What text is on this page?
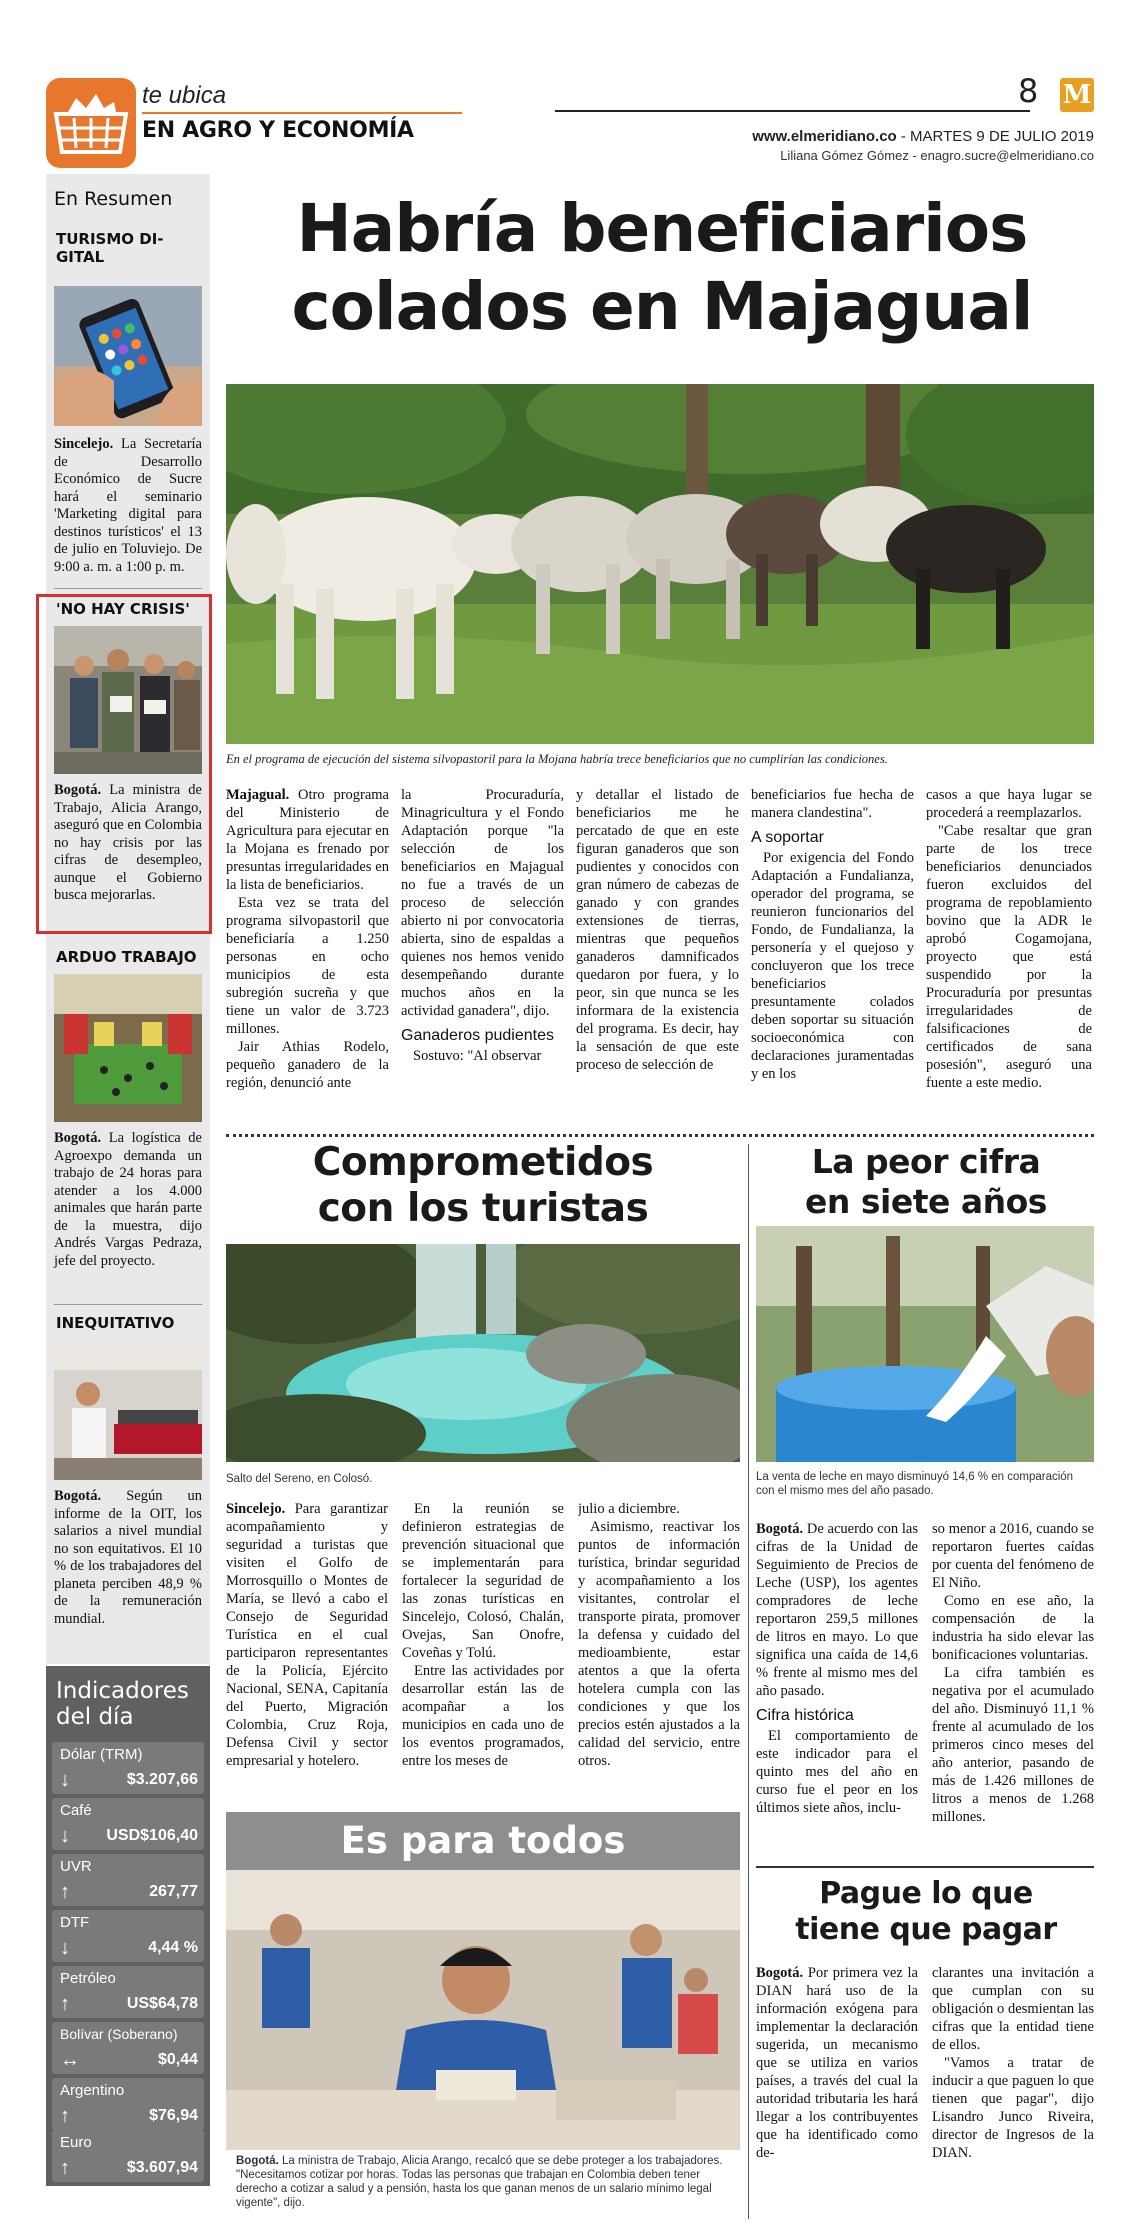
te ubica
EN AGRO Y ECONOMÍA
8 M
www.elmeridiano.co - MARTES 9 DE JULIO 2019
Liliana Gómez Gómez - enagro.sucre@elmeridiano.co
En Resumen
TURISMO DI-
GITAL
Sincelejo. La Secretaría de Desarrollo Económico de Sucre hará el seminario 'Marketing digital para destinos turísticos' el 13 de julio en Toluviejo. De 9:00 a. m. a 1:00 p. m.
'NO HAY CRISIS'
Bogotá. La ministra de Trabajo, Alicia Arango, aseguró que en Colombia no hay crisis por las cifras de desempleo, aunque el Gobierno busca mejorarlas.
ARDUO TRABAJO
Bogotá. La logística de Agroexpo demanda un trabajo de 24 horas para atender a los 4.000 animales que harán parte de la muestra, dijo Andrés Vargas Pedraza, jefe del proyecto.
INEQUITATIVO
Bogotá. Según un informe de la OIT, los salarios a nivel mundial no son equitativos. El 10 % de los trabajadores del planeta perciben 48,9 % de la remuneración mundial.
Indicadores del día
Dólar (TRM)
↓	$3.207,66
Café
↓ USD$106,40
UVR
↑	267,77
DTF
↓	4,44 %
Petróleo
↑	US$64,78
Bolívar (Soberano)
↔	$0,44
Argentino
↑	$76,94
Euro
↑	$3.607,94
Habría beneficiarios
colados en Majagual
En el programa de ejecución del sistema silvopastoril para la Mojana habría trece beneficiarios que no cumplirían las condiciones.

Majagual. Otro programa del Ministerio de Agricultura para ejecutar en la Mojana es frenado por presuntas irregularidades en la lista de beneficiarios.

Esta vez se trata del programa silvopastoril que beneficiaría a 1.250 personas en ocho municipios de esta subregión sucreña y que tiene un valor de 3.723 millones.

Jair Athias Rodelo, pequeño ganadero de la región, denunció ante

la Procuraduría, Minagricultura y el Fondo Adaptación porque "la selección de los beneficiarios en Majagual no fue a través de un proceso de selección abierto ni por convocatoria abierta, sino de espaldas a quienes nos hemos venido desempeñando durante muchos años en la actividad ganadera", dijo.

Ganaderos pudientes

Sostuvo: "Al observar

y detallar el listado de beneficiarios me he percatado de que en este figuran ganaderos que son pudientes y conocidos con gran número de cabezas de ganado y con grandes extensiones de tierras, mientras que pequeños ganaderos damnificados quedaron por fuera, y lo peor, sin que nunca se les informara de la existencia del programa. Es decir, hay la sensación de que este proceso de selección de

beneficiarios fue hecha de manera clandestina".

A soportar

Por exigencia del Fondo Adaptación a Fundalianza, operador del programa, se reunieron funcionarios del Fondo, de Fundalianza, la personería y el quejoso y concluyeron que los trece beneficiarios presuntamente colados deben soportar su situación socioeconómica con declaraciones juramentadas y en los

casos a que haya lugar se procederá a reemplazarlos.

"Cabe resaltar que gran parte de los trece beneficiarios denunciados fueron excluidos del programa de repoblamiento bovino que la ADR le aprobó Cogamojana, proyecto que está suspendido por la Procuraduría por presuntas irregularidades de falsificaciones de certificados de sana posesión", aseguró una fuente a este medio.

Comprometidos
con los turistas
Salto del Sereno, en Colosó.

Sincelejo. Para garantizar acompañamiento y seguridad a turistas que visiten el Golfo de Morrosquillo o Montes de María, se llevó a cabo el Consejo de Seguridad Turística en el cual participaron representantes de la Policía, Ejército Nacional, SENA, Capitanía del Puerto, Migración Colombia, Cruz Roja, Defensa Civil y sector empresarial y hotelero.

En la reunión se definieron estrategias de prevención situacional que se implementarán para fortalecer la seguridad de las zonas turísticas en Sincelejo, Colosó, Chalán, Ovejas, San Onofre, Coveñas y Tolú.

Entre las actividades por desarrollar están las de acompañar a los municipios en cada uno de los eventos programados, entre los meses de

julio a diciembre.

Asimismo, reactivar los puntos de información turística, brindar seguridad y acompañamiento a los visitantes, controlar el transporte pirata, promover la defensa y cuidado del medioambiente, estar atentos a que la oferta hotelera cumpla con las condiciones y que los precios estén ajustados a la calidad del servicio, entre otros.

Es para todos
Bogotá. La ministra de Trabajo, Alicia Arango, recalcó que se debe proteger a los trabajadores. "Necesitamos cotizar por horas. Todas las personas que trabajan en Colombia deben tener derecho a cotizar a salud y a pensión, hasta los que ganan menos de un salario mínimo legal vigente", dijo.
La peor cifra
en siete años
La venta de leche en mayo disminuyó 14,6 % en comparación con el mismo mes del año pasado.

Bogotá. De acuerdo con las cifras de la Unidad de Seguimiento de Precios de Leche (USP), los agentes compradores de leche reportaron 259,5 millones de litros en mayo. Lo que significa una caída de 14,6 % frente al mismo mes del año pasado.

Cifra histórica

El comportamiento de este indicador para el quinto mes del año en curso fue el peor en los últimos siete años, inclu-

so menor a 2016, cuando se reportaron fuertes caídas por cuenta del fenómeno de El Niño.

Como en ese año, la compensación de la industria ha sido elevar las bonificaciones voluntarias.

La cifra también es negativa por el acumulado del año. Disminuyó 11,1 % frente al acumulado de los primeros cinco meses del año anterior, pasando de más de 1.426 millones de litros a menos de 1.268 millones.

Pague lo que
tiene que pagar

Bogotá. Por primera vez la DIAN hará uso de la información exógena para implementar la declaración sugerida, un mecanismo que se utiliza en varios países, a través del cual la autoridad tributaria les hará llegar a los contribuyentes que ha identificado como de-

clarantes una invitación a que cumplan con su obligación o desmientan las cifras que la entidad tiene de ellos.

"Vamos a tratar de inducir a que paguen lo que tienen que pagar", dijo Lisandro Junco Riveira, director de Ingresos de la DIAN.
